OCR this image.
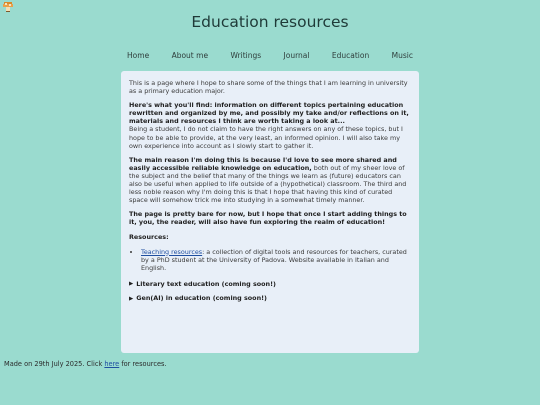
Education resources
Home	About me	Writings	Journal	Education	Music

This is a page where I hope to share some of the things that I am learning in university as a primary education major.

Here's what you'll find: information on different topics pertaining education rewritten and organized by me, and possibly my take and/or reflections on it, materials and resources I think are worth taking a look at...
Being a student, I do not claim to have the right answers on any of these topics, but I hope to be able to provide, at the very least, an informed opinion. I will also take my own experience into account as I slowly start to gather it.

The main reason I'm doing this is because I'd love to see more shared and easily accessible reliable knowledge on education, both out of my sheer love of the subject and the belief that many of the things we learn as (future) educators can also be useful when applied to life outside of a (hypothetical) classroom. The third and less noble reason why I'm doing this is that I hope that having this kind of curated space will somehow trick me into studying in a somewhat timely manner.

The page is pretty bare for now, but I hope that once I start adding things to it, you, the reader, will also have fun exploring the realm of education!

Resources:

• Teaching resources: a collection of digital tools and resources for teachers, curated by a PhD student at the University of Padova. Website available in Italian and English.
▶ Literary text education (coming soon!)
▶ Gen(AI) in education (coming soon!)
Made on 29th July 2025. Click here for resources.
